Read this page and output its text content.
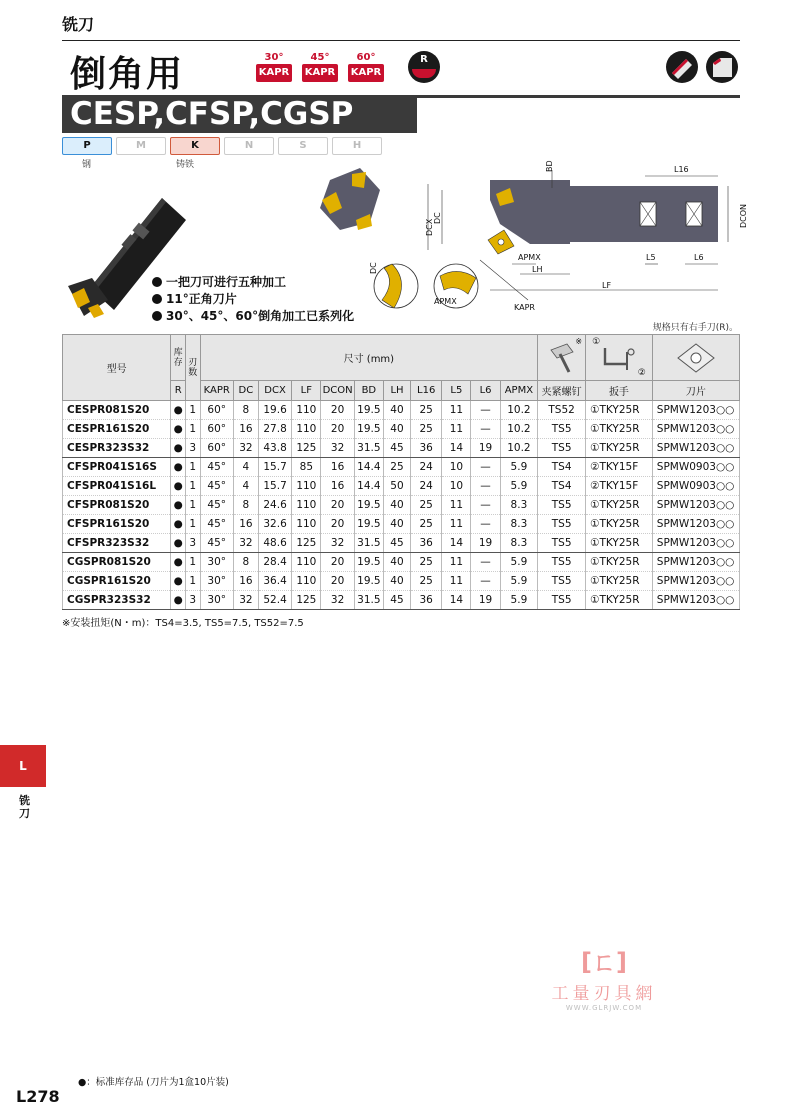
铣刀
倒角用	30°
KAPR
45°
KAPR
60°
KAPR
R
CESP,CFSP,CGSP
P	M	K	N	S	H
钢	铸铁
一把刀可进行五种加工
11°正角刀片
30°、45°、60°倒角加工已系列化
L16
BD
DCX
DC	DCON
L5	L6
APMX
LH
LF
KAPR
DC
APMX
规格只有右手刀(R)。
型号	库存	刃数	尺寸 (mm)											※	①
②

	R		KAPR	DC	DCX	LF	DCON	BD	LH	L16	L5	L6	APMX	夹紧螺钉	扳手	刀片
CESPR081S20	●	1	60°	8	19.6	110	20	19.5	40	25	11	—	10.2	TS52	①TKY25R	SPMW1203○○
CESPR161S20	●	1	60°	16	27.8	110	20	19.5	40	25	11	—	10.2	TS5	①TKY25R	SPMW1203○○
CESPR323S32	●	3	60°	32	43.8	125	32	31.5	45	36	14	19	10.2	TS5	①TKY25R	SPMW1203○○
CFSPR041S16S	●	1	45°	4	15.7	85	16	14.4	25	24	10	—	5.9	TS4	②TKY15F	SPMW0903○○
CFSPR041S16L	●	1	45°	4	15.7	110	16	14.4	50	24	10	—	5.9	TS4	②TKY15F	SPMW0903○○
CFSPR081S20	●	1	45°	8	24.6	110	20	19.5	40	25	11	—	8.3	TS5	①TKY25R	SPMW1203○○
CFSPR161S20	●	1	45°	16	32.6	110	20	19.5	40	25	11	—	8.3	TS5	①TKY25R	SPMW1203○○
CFSPR323S32	●	3	45°	32	48.6	125	32	31.5	45	36	14	19	8.3	TS5	①TKY25R	SPMW1203○○
CGSPR081S20	●	1	30°	8	28.4	110	20	19.5	40	25	11	—	5.9	TS5	①TKY25R	SPMW1203○○
CGSPR161S20	●	1	30°	16	36.4	110	20	19.5	40	25	11	—	5.9	TS5	①TKY25R	SPMW1203○○
CGSPR323S32	●	3	30°	32	52.4	125	32	31.5	45	36	14	19	5.9	TS5	①TKY25R	SPMW1203○○
※安装扭矩(N・m)：TS4=3.5, TS5=7.5, TS52=7.5
L
铣刀
[ㄈ]
工量刃具網
WWW.GLRJW.COM
●：标准库存品 (刀片为1盒10片装)
L278
